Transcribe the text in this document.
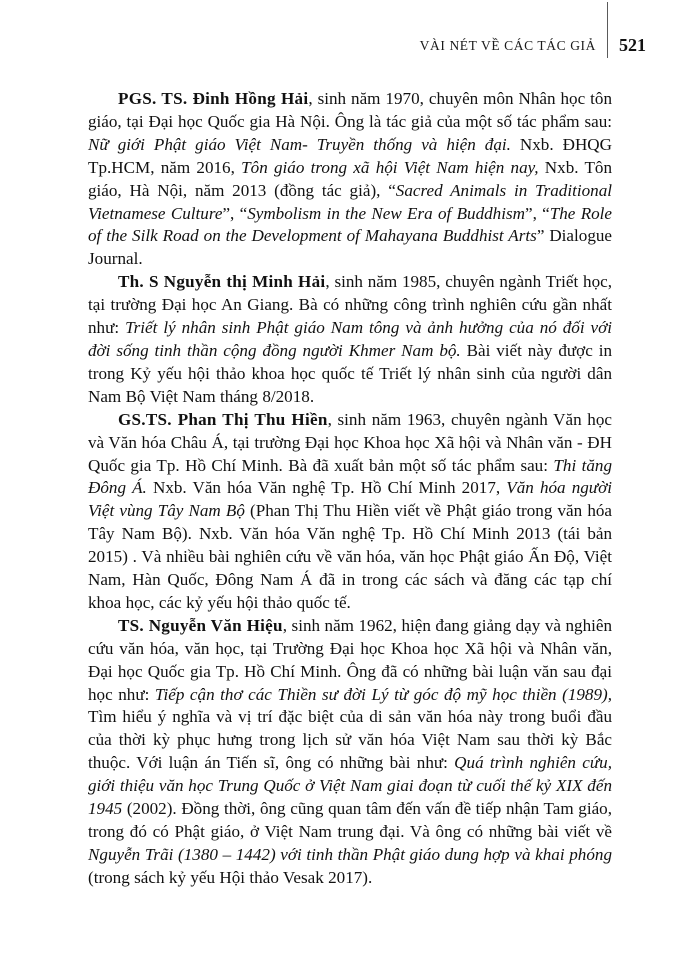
VÀI NÉT VỀ CÁC TÁC GIẢ	521

PGS. TS. Đinh Hồng Hải, sinh năm 1970, chuyên môn Nhân học tôn giáo, tại Đại học Quốc gia Hà Nội. Ông là tác giả của một số tác phẩm sau: Nữ giới Phật giáo Việt Nam- Truyền thống và hiện đại. Nxb. ĐHQG Tp.HCM, năm 2016, Tôn giáo trong xã hội Việt Nam hiện nay, Nxb. Tôn giáo, Hà Nội, năm 2013 (đồng tác giả), “Sacred Animals in Traditional Vietnamese Culture”, “Symbolism in the New Era of Buddhism”, “The Role of the Silk Road on the Development of Mahayana Buddhist Arts” Dialogue Journal.

Th. S Nguyễn thị Minh Hải, sinh năm 1985, chuyên ngành Triết học, tại trường Đại học An Giang. Bà có những công trình nghiên cứu gần nhất như: Triết lý nhân sinh Phật giáo Nam tông và ảnh hưởng của nó đối với đời sống tinh thần cộng đồng người Khmer Nam bộ. Bài viết này được in trong Kỷ yếu hội thảo khoa học quốc tế Triết lý nhân sinh của người dân Nam Bộ Việt Nam tháng 8/2018.

GS.TS. Phan Thị Thu Hiền, sinh năm 1963, chuyên ngành Văn học và Văn hóa Châu Á, tại trường Đại học Khoa học Xã hội và Nhân văn - ĐH Quốc gia Tp. Hồ Chí Minh. Bà đã xuất bản một số tác phẩm sau: Thi tăng Đông Á. Nxb. Văn hóa Văn nghệ Tp. Hồ Chí Minh 2017, Văn hóa người Việt vùng Tây Nam Bộ (Phan Thị Thu Hiền viết về Phật giáo trong văn hóa Tây Nam Bộ). Nxb. Văn hóa Văn nghệ Tp. Hồ Chí Minh 2013 (tái bản 2015) . Và nhiều bài nghiên cứu về văn hóa, văn học Phật giáo Ấn Độ, Việt Nam, Hàn Quốc, Đông Nam Á đã in trong các sách và đăng các tạp chí khoa học, các kỷ yếu hội thảo quốc tế.

TS. Nguyễn Văn Hiệu, sinh năm 1962, hiện đang giảng dạy và nghiên cứu văn hóa, văn học, tại Trường Đại học Khoa học Xã hội và Nhân văn, Đại học Quốc gia Tp. Hồ Chí Minh. Ông đã có những bài luận văn sau đại học như: Tiếp cận thơ các Thiền sư đời Lý từ góc độ mỹ học thiền (1989), Tìm hiểu ý nghĩa và vị trí đặc biệt của di sản văn hóa này trong buổi đầu của thời kỳ phục hưng trong lịch sử văn hóa Việt Nam sau thời kỳ Bắc thuộc. Với luận án Tiến sĩ, ông có những bài như: Quá trình nghiên cứu, giới thiệu văn học Trung Quốc ở Việt Nam giai đoạn từ cuối thế kỷ XIX đến 1945 (2002). Đồng thời, ông cũng quan tâm đến vấn đề tiếp nhận Tam giáo, trong đó có Phật giáo, ở Việt Nam trung đại. Và ông có những bài viết về Nguyễn Trãi (1380 – 1442) với tinh thần Phật giáo dung hợp và khai phóng (trong sách kỷ yếu Hội thảo Vesak 2017).
